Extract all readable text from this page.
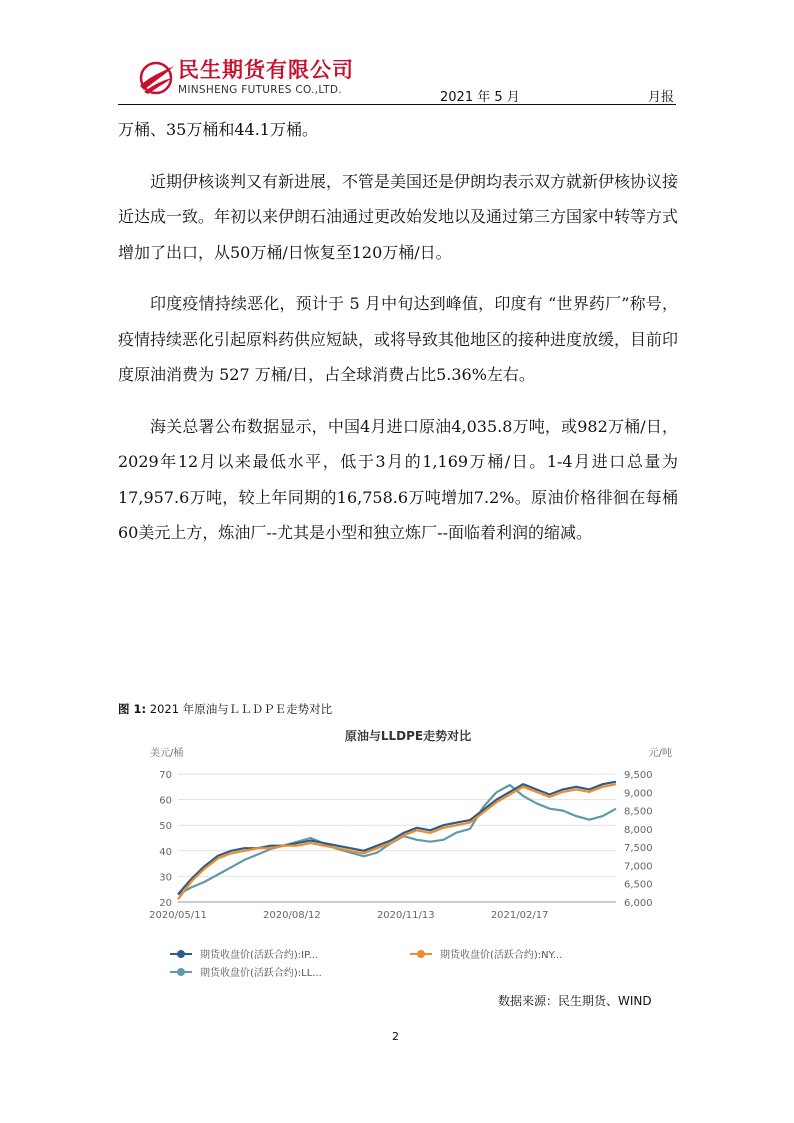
民生期货有限公司
MINSHENG FUTURES CO.,LTD.	2021 年 5 月	月报

万桶、35万桶和44.1万桶。

近期伊核谈判又有新进展，不管是美国还是伊朗均表示双方就新伊核协议接近达成一致。年初以来伊朗石油通过更改始发地以及通过第三方国家中转等方式增加了出口，从50万桶/日恢复至120万桶/日。

印度疫情持续恶化，预计于 5 月中旬达到峰值，印度有 “世界药厂”称号，疫情持续恶化引起原料药供应短缺，或将导致其他地区的接种进度放缓，目前印度原油消费为 527 万桶/日，占全球消费占比5.36%左右。

海关总署公布数据显示，中国4月进口原油4,035.8万吨，或982万桶/日，2029年12月以来最低水平，低于3月的1,169万桶/日。1-4月进口总量为17,957.6万吨，较上年同期的16,758.6万吨增加7.2%。原油价格徘徊在每桶60美元上方，炼油厂--尤其是小型和独立炼厂--面临着利润的缩减。

图 1: 2021 年原油与ＬＬＤＰＥ走势对比
原油与LLDPE走势对比
美元/桶	元/吨
70
60
50
40
30
20
9,500
9,000
8,500
8,000
7,500
7,000
6,500
6,000
2020/05/11	2020/08/12	2020/11/13	2021/02/17
期货收盘价(活跃合约):IP...	期货收盘价(活跃合约):NY...
期货收盘价(活跃合约):LL...
数据来源：民生期货、WIND
2
